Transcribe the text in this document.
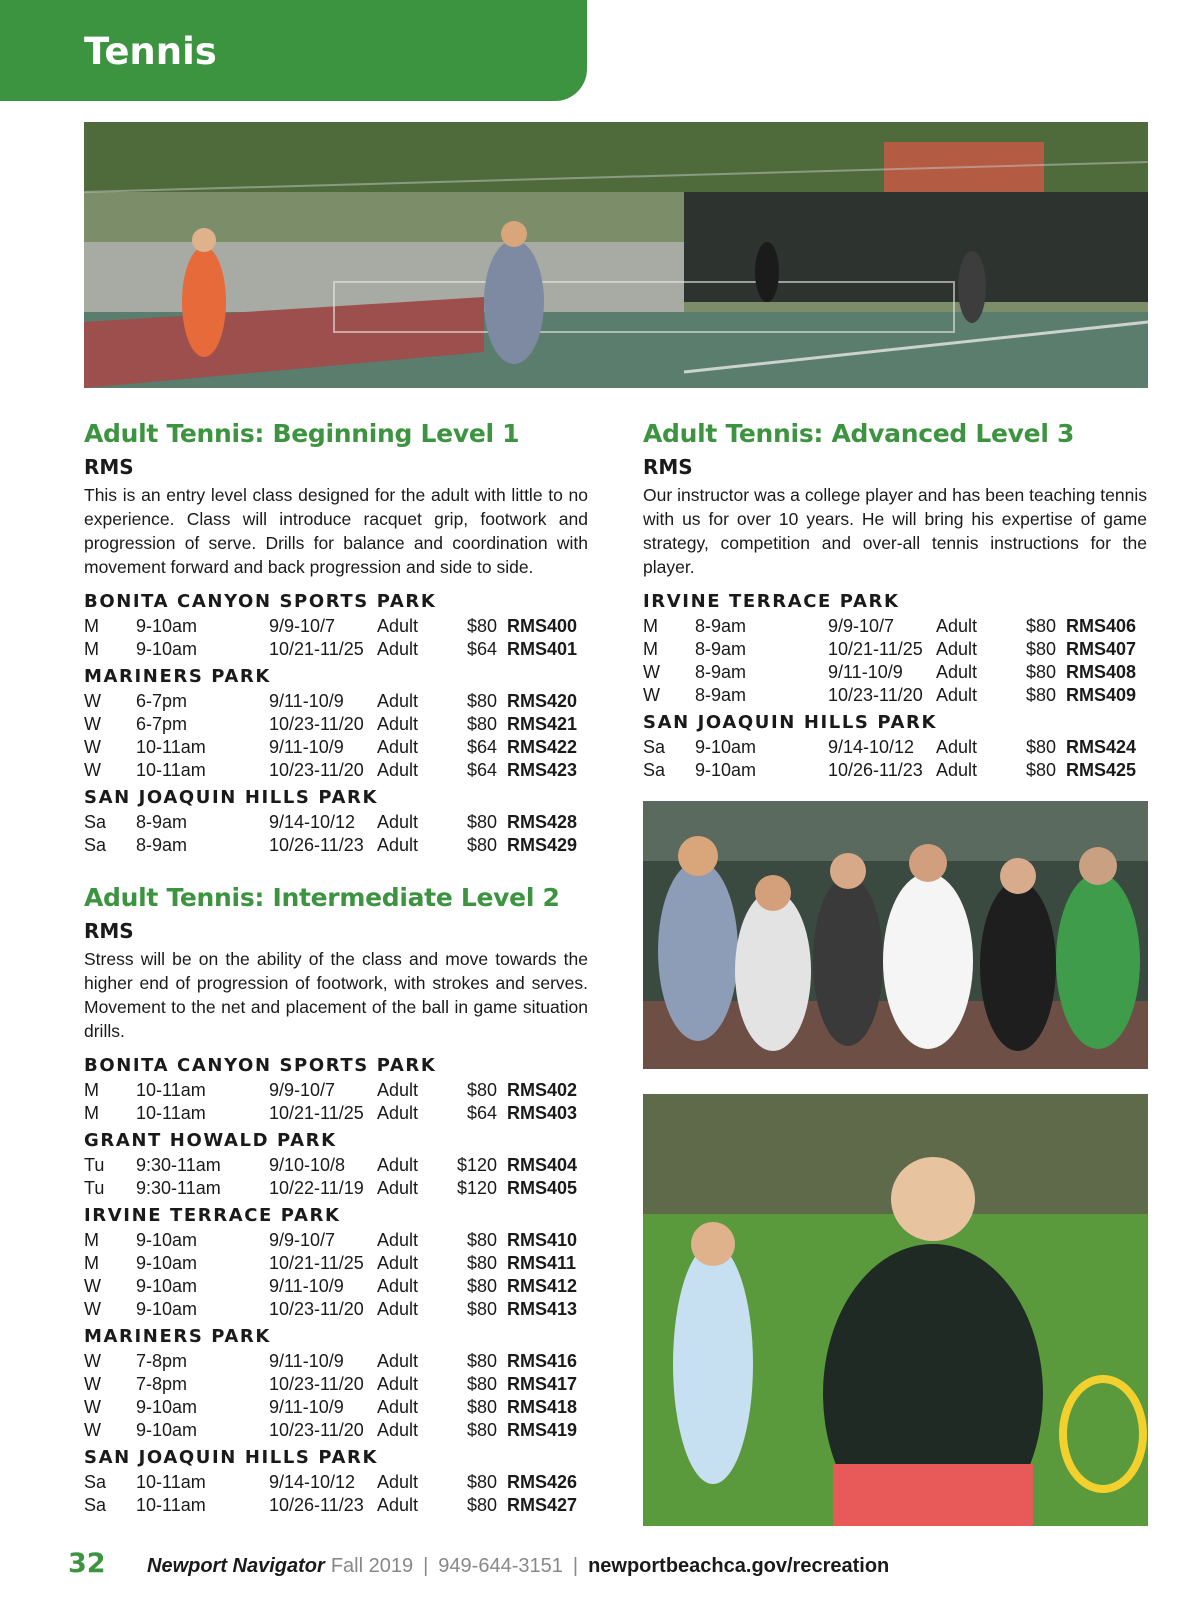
Tennis
Adult Tennis: Beginning Level 1
RMS
This is an entry level class designed for the adult with little to no experience. Class will introduce racquet grip, footwork and progression of serve. Drills for balance and coordination with movement forward and back progression and side to side.
BONITA CANYON SPORTS PARK
M	9-10am	9/9-10/7	Adult	$80 RMS400
M	9-10am	10/21-11/25 Adult	$64 RMS401
MARINERS PARK
W	6-7pm	9/11-10/9	Adult	$80 RMS420
W	6-7pm	10/23-11/20 Adult	$80 RMS421
W	10-11am	9/11-10/9	Adult	$64 RMS422
W	10-11am	10/23-11/20 Adult	$64 RMS423
SAN JOAQUIN HILLS PARK
Sa	8-9am	9/14-10/12	Adult	$80 RMS428
Sa	8-9am	10/26-11/23 Adult	$80 RMS429
Adult Tennis: Intermediate Level 2
RMS
Stress will be on the ability of the class and move towards the higher end of progression of footwork, with strokes and serves. Movement to the net and placement of the ball in game situation drills.
BONITA CANYON SPORTS PARK
M	10-11am	9/9-10/7	Adult	$80 RMS402
M	10-11am	10/21-11/25 Adult	$64 RMS403
GRANT HOWALD PARK
Tu	9:30-11am	9/10-10/8	Adult	$120 RMS404
Tu	9:30-11am	10/22-11/19 Adult	$120 RMS405
IRVINE TERRACE PARK
M	9-10am	9/9-10/7	Adult	$80 RMS410
M	9-10am	10/21-11/25 Adult	$80 RMS411
W	9-10am	9/11-10/9	Adult	$80 RMS412
W	9-10am	10/23-11/20 Adult	$80 RMS413
MARINERS PARK
W	7-8pm	9/11-10/9	Adult	$80 RMS416
W	7-8pm	10/23-11/20 Adult	$80 RMS417
W	9-10am	9/11-10/9	Adult	$80 RMS418
W	9-10am	10/23-11/20 Adult	$80 RMS419
SAN JOAQUIN HILLS PARK
Sa	10-11am	9/14-10/12	Adult	$80 RMS426
Sa	10-11am	10/26-11/23 Adult	$80 RMS427
Adult Tennis: Advanced Level 3
RMS
Our instructor was a college player and has been teaching tennis with us for over 10 years. He will bring his expertise of game strategy, competition and over-all tennis instructions for the player.
IRVINE TERRACE PARK
M	8-9am	9/9-10/7	Adult	$80 RMS406
M	8-9am	10/21-11/25 Adult	$80 RMS407
W	8-9am	9/11-10/9	Adult	$80 RMS408
W	8-9am	10/23-11/20 Adult	$80 RMS409
SAN JOAQUIN HILLS PARK
Sa	9-10am	9/14-10/12	Adult	$80 RMS424
Sa	9-10am	10/26-11/23 Adult	$80 RMS425
32	Newport Navigator Fall 2019 | 949-644-3151 | newportbeachca.gov/recreation
